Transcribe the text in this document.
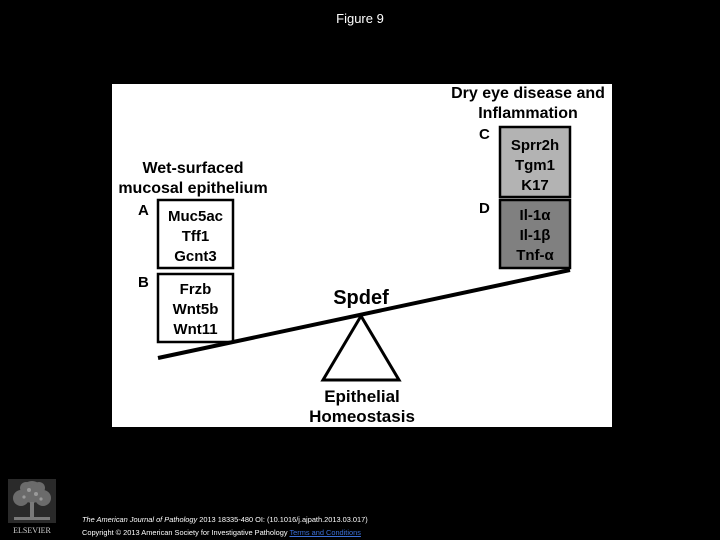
Figure 9
Wet-surfaced
mucosal epithelium
Dry eye disease and
Inflammation
A Muc5ac
Tff1
Gcnt3
B Frzb
Wnt5b
Wnt11
C
Sprr2h
Tgm1
K17
D Il-1α
Il-1β
Tnf-α
Spdef
Epithelial
Homeostasis
ELSEVIER
The American Journal of Pathology 2013 18335-480 OI: (10.1016/j.ajpath.2013.03.017)
Copyright © 2013 American Society for Investigative Pathology Terms and Conditions
